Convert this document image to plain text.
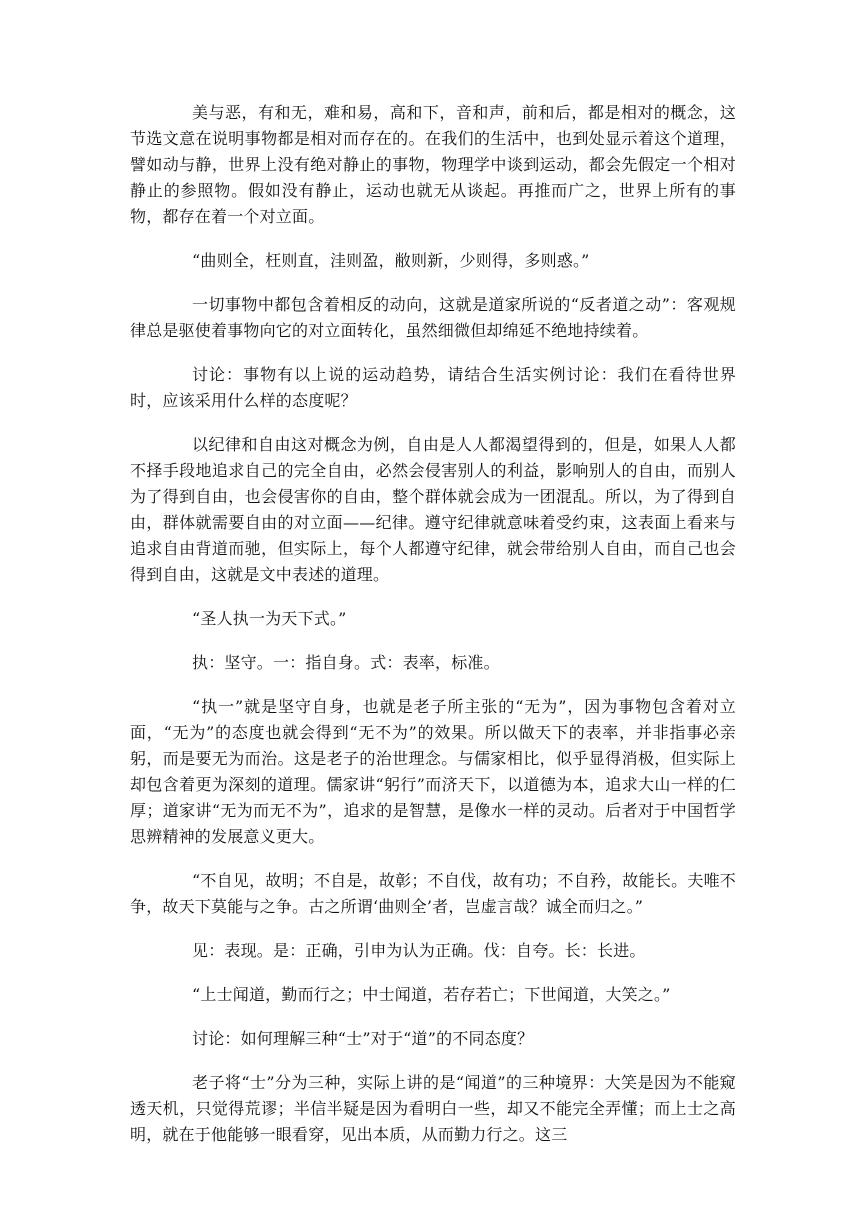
美与恶，有和无，难和易，高和下，音和声，前和后，都是相对的概念，这节选文意在说明事物都是相对而存在的。在我们的生活中，也到处显示着这个道理，譬如动与静，世界上没有绝对静止的事物，物理学中谈到运动，都会先假定一个相对静止的参照物。假如没有静止，运动也就无从谈起。再推而广之，世界上所有的事物，都存在着一个对立面。

“曲则全，枉则直，洼则盈，敝则新，少则得，多则惑。”

一切事物中都包含着相反的动向，这就是道家所说的“反者道之动”：客观规律总是驱使着事物向它的对立面转化，虽然细微但却绵延不绝地持续着。

讨论：事物有以上说的运动趋势，请结合生活实例讨论：我们在看待世界时，应该采用什么样的态度呢？

以纪律和自由这对概念为例，自由是人人都渴望得到的，但是，如果人人都不择手段地追求自己的完全自由，必然会侵害别人的利益，影响别人的自由，而别人为了得到自由，也会侵害你的自由，整个群体就会成为一团混乱。所以，为了得到自由，群体就需要自由的对立面——纪律。遵守纪律就意味着受约束，这表面上看来与追求自由背道而驰，但实际上，每个人都遵守纪律，就会带给别人自由，而自己也会得到自由，这就是文中表述的道理。

“圣人执一为天下式。”

执：坚守。一：指自身。式：表率，标准。

“执一”就是坚守自身，也就是老子所主张的“无为”，因为事物包含着对立面，“无为”的态度也就会得到“无不为”的效果。所以做天下的表率，并非指事必亲躬，而是要无为而治。这是老子的治世理念。与儒家相比，似乎显得消极，但实际上却包含着更为深刻的道理。儒家讲“躬行”而济天下，以道德为本，追求大山一样的仁厚；道家讲“无为而无不为”，追求的是智慧，是像水一样的灵动。后者对于中国哲学思辨精神的发展意义更大。

“不自见，故明；不自是，故彰；不自伐，故有功；不自矜，故能长。夫唯不争，故天下莫能与之争。古之所谓‘曲则全’者，岂虚言哉？诚全而归之。”

见：表现。是：正确，引申为认为正确。伐：自夸。长：长进。

“上士闻道，勤而行之；中士闻道，若存若亡；下世闻道，大笑之。”

讨论：如何理解三种“士”对于“道”的不同态度？

老子将“士”分为三种，实际上讲的是“闻道”的三种境界：大笑是因为不能窥透天机，只觉得荒谬；半信半疑是因为看明白一些，却又不能完全弄懂；而上士之高明，就在于他能够一眼看穿，见出本质，从而勤力行之。这三
